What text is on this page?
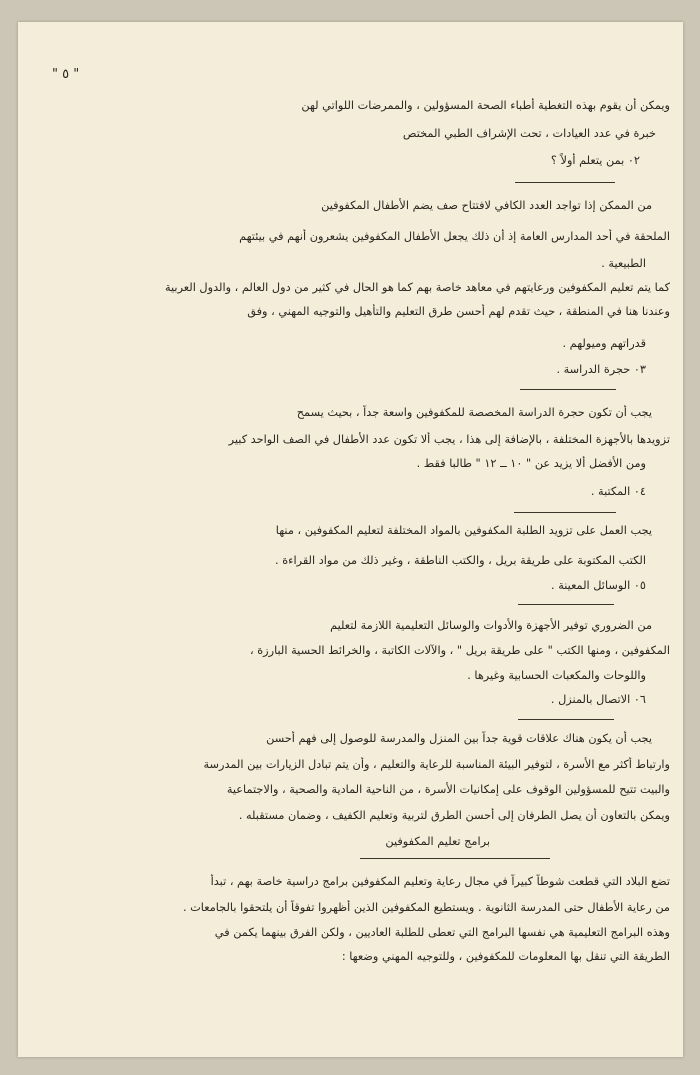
" ٥ "
ويمكن أن يقوم بهذه التغطية أطباء الصحة المسؤولين ، والممرضات اللواتي لهن
خبرة في عدد العيادات ، تحت الإشراف الطبي المختص
٠٢ بمن يتعلم أولاً ؟
من الممكن إذا تواجد العدد الكافي لافتتاح صف يضم الأطفال المكفوفين
الملحقة في أحد المدارس العامة إذ أن ذلك يجعل الأطفال المكفوفين يشعرون أنهم في بيئتهم
الطبيعية .
كما يتم تعليم المكفوفين ورعايتهم في معاهد خاصة بهم كما هو الحال في كثير من دول العالم ، والدول العربية
وعندنا هنا في المنطقة ، حيث تقدم لهم أحسن طرق التعليم والتأهيل والتوجيه المهني ، وفق
قدراتهم وميولهم .
٠٣ حجرة الدراسة .
يجب أن تكون حجرة الدراسة المخصصة للمكفوفين واسعة جداً ، بحيث يسمح
تزويدها بالأجهزة المختلفة ، بالإضافة إلى هذا ، يجب ألا تكون عدد الأطفال في الصف الواحد كبير
ومن الأفضل ألا يزيد عن " ١٠ ــ ١٢ " طالبا فقط .
٠٤ المكتبة .
يجب العمل على تزويد الطلبة المكفوفين بالمواد المختلفة لتعليم المكفوفين ، منها
الكتب المكتوبة على طريقة بريل ، والكتب الناطقة ، وغير ذلك من مواد القراءة .
٠٥ الوسائل المعينة .
من الضروري توفير الأجهزة والأدوات والوسائل التعليمية اللازمة لتعليم
المكفوفين ، ومنها الكتب " على طريقة بريل " ، والآلات الكاتبة ، والخرائط الحسية البارزة ،
واللوحات والمكعبات الحسابية وغيرها .
٠٦ الاتصال بالمنزل .
يجب أن يكون هناك علاقات قوية جداً بين المنزل والمدرسة للوصول إلى فهم أحسن
وارتباط أكثر مع الأسرة ، لتوفير البيئة المناسبة للرعاية والتعليم ، وأن يتم تبادل الزيارات بين المدرسة
والبيت تتيح للمسؤولين الوقوف على إمكانيات الأسرة ، من الناحية المادية والصحية ، والاجتماعية
ويمكن بالتعاون أن يصل الطرفان إلى أحسن الطرق لتربية وتعليم الكفيف ، وضمان مستقبله .
برامج تعليم المكفوفين
تضع البلاد التي قطعت شوطاً كبيراً في مجال رعاية وتعليم المكفوفين برامج دراسية خاصة بهم ، تبدأ
من رعاية الأطفال حتى المدرسة الثانوية . ويستطيع المكفوفين الذين أظهروا تفوقاً أن يلتحقوا بالجامعات .
وهذه البرامج التعليمية هي نفسها البرامج التي تعطى للطلبة العاديين ، ولكن الفرق بينهما يكمن في
الطريقة التي تنقل بها المعلومات للمكفوفين ، وللتوجيه المهني وضعها :
